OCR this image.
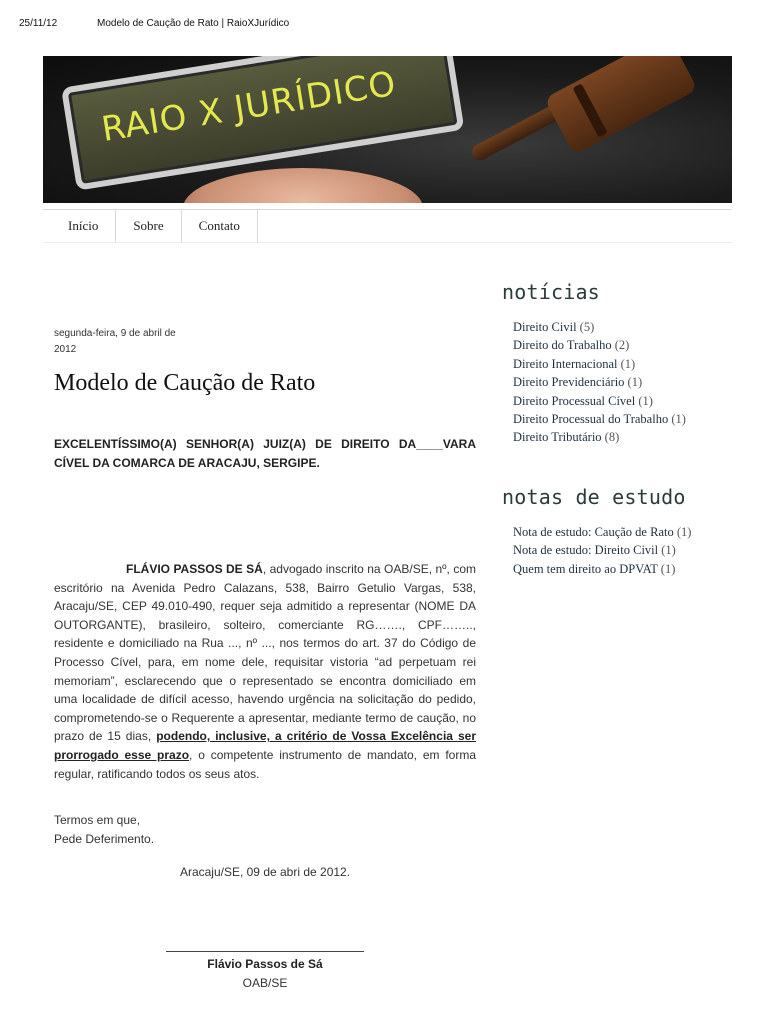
25/11/12	Modelo de Caução de Rato | RaioXJurídico
RAIO X JURÍDICO
Início	Sobre	Contato
segunda-feira, 9 de abril de 2012
Modelo de Caução de Rato
EXCELENTÍSSIMO(A) SENHOR(A) JUIZ(A) DE DIREITO DA____VARA CÍVEL DA COMARCA DE ARACAJU, SERGIPE.
FLÁVIO PASSOS DE SÁ, advogado inscrito na OAB/SE, nº, com escritório na Avenida Pedro Calazans, 538, Bairro Getulio Vargas, 538, Aracaju/SE, CEP 49.010-490, requer seja admitido a representar (NOME DA OUTORGANTE), brasileiro, solteiro, comerciante RG……., CPF…….., residente e domiciliado na Rua ..., nº ..., nos termos do art. 37 do Código de Processo Cível, para, em nome dele, requisitar vistoria “ad perpetuam rei memoriam”, esclarecendo que o representado se encontra domiciliado em uma localidade de difícil acesso, havendo urgência na solicitação do pedido, comprometendo-se o Requerente a apresentar, mediante termo de caução, no prazo de 15 dias, podendo, inclusive, a critério de Vossa Excelência ser prorrogado esse prazo, o competente instrumento de mandato, em forma regular, ratificando todos os seus atos.
Termos em que,
Pede Deferimento.
Aracaju/SE, 09 de abri de 2012.
Flávio Passos de Sá
OAB/SE
notícias
Direito Civil (5)
Direito do Trabalho (2)
Direito Internacional (1)
Direito Previdenciário (1)
Direito Processual Cível (1)
Direito Processual do Trabalho (1)
Direito Tributário (8)
notas de estudo
Nota de estudo: Caução de Rato (1)
Nota de estudo: Direito Civil (1)
Quem tem direito ao DPVAT (1)
